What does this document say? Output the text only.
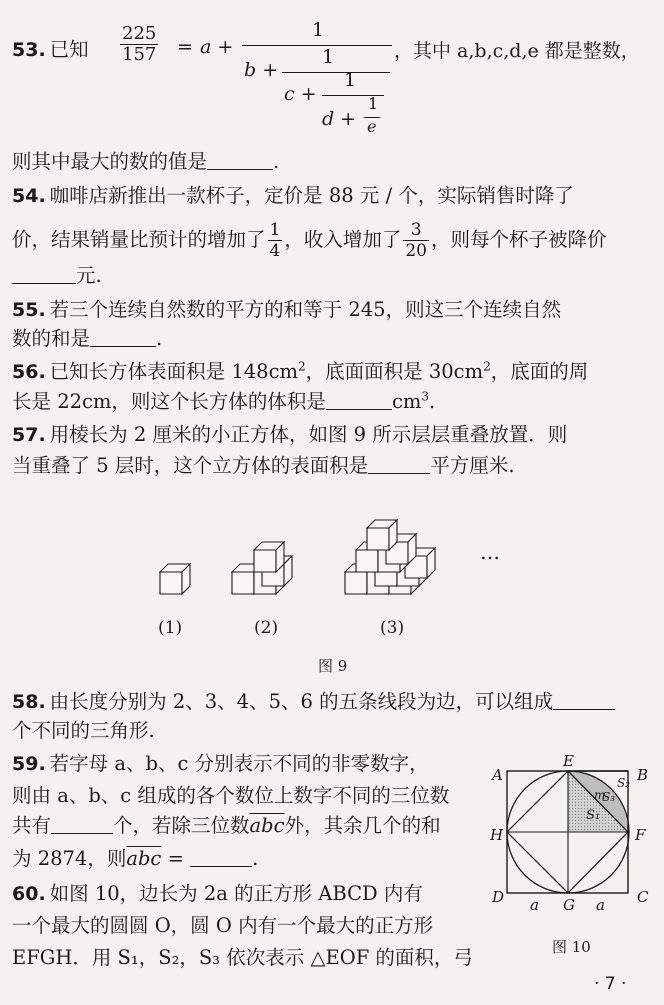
53. 已知	$\frac{225}{157} = a$ +
1
b +
1
c +
1
d +
1
e
，其中 a,b,c,d,e 都是整数，
则其中最大的数的值是	.
54. 咖啡店新推出一款杯子，定价是 88 元 / 个，实际销售时降了
价，结果销量比预计的增加了 $\frac{1}{4}$ ，收入增加了 $\frac{3}{20}$ ，则每个杯子被降价
元.
55. 若三个连续自然数的平方的和等于 245，则这三个连续自然
数的和是	.
56. 已知长方体表面积是 $148cm^2$，底面面积是 $30cm^2$，底面的周
长是 22cm，则这个长方体的体积是	$cm^3$.
57. 用棱长为 2 厘米的小正方体，如图 9 所示层层重叠放置．则
当重叠了 5 层时，这个立方体的表面积是	平方厘米.
(1)	(2)	(3)
…
图 9
58. 由长度分别为 2、3、4、5、6 的五条线段为边，可以组成
个不同的三角形.
59. 若字母 a、b、c 分别表示不同的非零数字，
则由 a、b、c 组成的各个数位上数字不同的三位数
共有	个，若除三位数$\overline{abc}$外，其余几个的和
为 2874，则$\overline{abc}$ =	.
60. 如图 10，边长为 2a 的正方形 ABCD 内有
一个最大的圆圆 O，圆 O 内有一个最大的正方形
EFGH．用 S₁，S₂，S₃ 依次表示 △EOF 的面积，弓
A	B
C
D
E
F
G
H
S₁
S₂
S₃
m
a	a
图 10
· 7 ·
